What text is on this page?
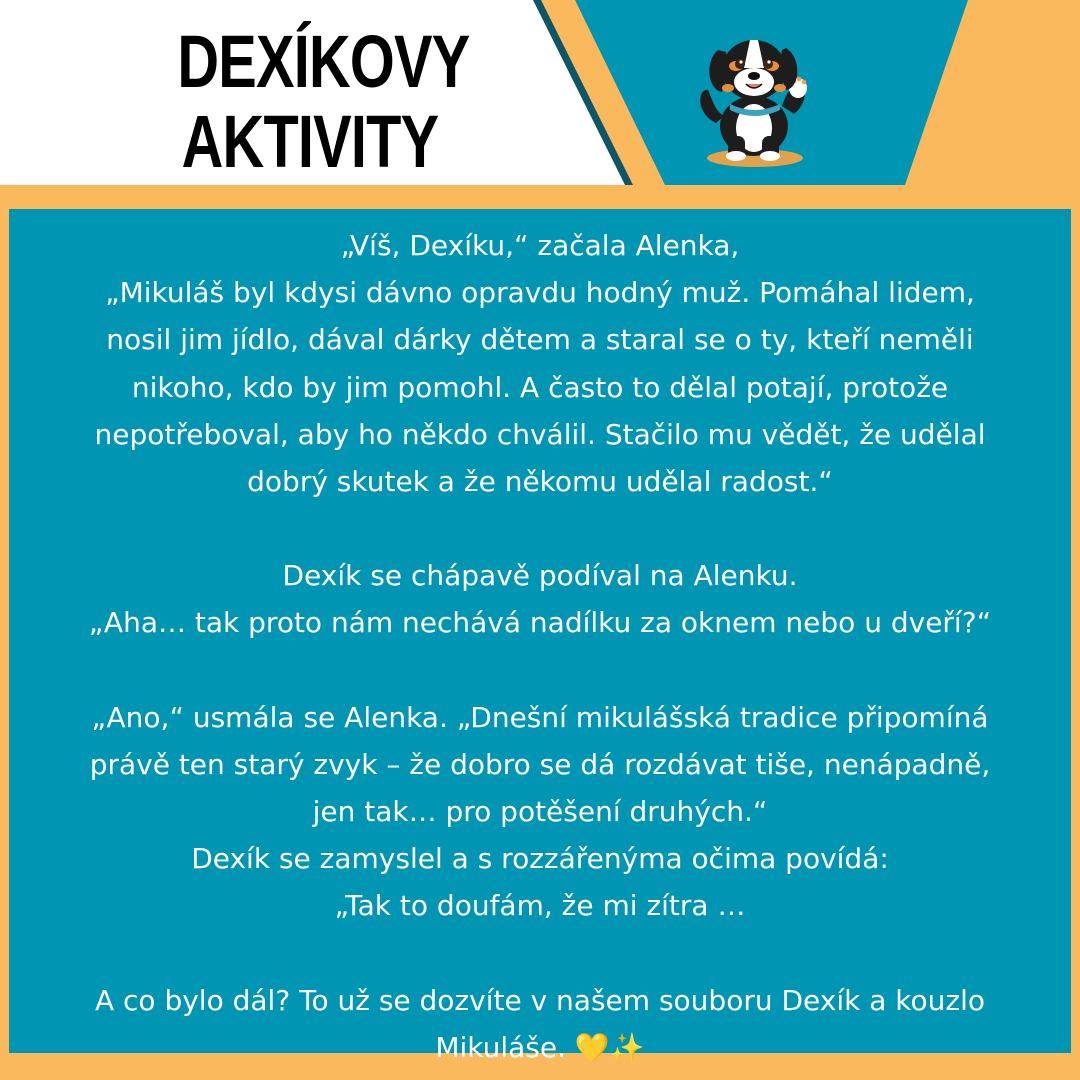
DEXÍKOVY
AKTIVITY

„Víš, Dexíku,“ začala Alenka,

„Mikuláš byl kdysi dávno opravdu hodný muž. Pomáhal lidem,

nosil jim jídlo, dával dárky dětem a staral se o ty, kteří neměli

nikoho, kdo by jim pomohl. A často to dělal potají, protože

nepotřeboval, aby ho někdo chválil. Stačilo mu vědět, že udělal

dobrý skutek a že někomu udělal radost.“

Dexík se chápavě podíval na Alenku.

„Aha… tak proto nám nechává nadílku za oknem nebo u dveří?“

„Ano,“ usmála se Alenka. „Dnešní mikulášská tradice připomíná

právě ten starý zvyk – že dobro se dá rozdávat tiše, nenápadně,

jen tak… pro potěšení druhých.“

Dexík se zamyslel a s rozzářenýma očima povídá:

„Tak to doufám, že mi zítra …

A co bylo dál? To už se dozvíte v našem souboru Dexík a kouzlo

Mikuláše. 💛✨
